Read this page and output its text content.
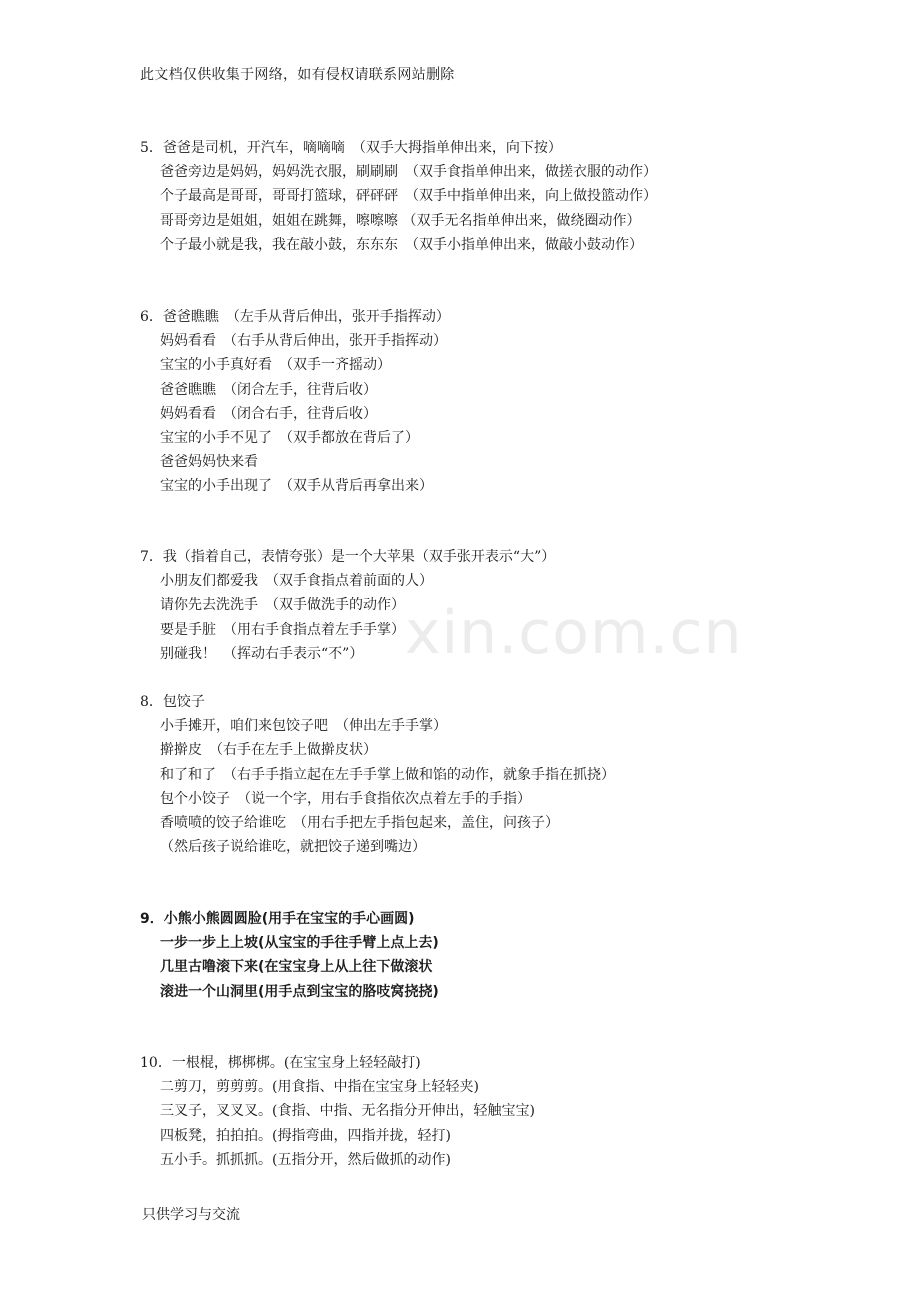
此文档仅供收集于网络，如有侵权请联系网站删除
xin.com.cn
5．爸爸是司机，开汽车，嘀嘀嘀　（双手大拇指单伸出来，向下按）
爸爸旁边是妈妈，妈妈洗衣服，刷刷刷　（双手食指单伸出来，做搓衣服的动作）
个子最高是哥哥，哥哥打篮球，砰砰砰　（双手中指单伸出来，向上做投篮动作）
哥哥旁边是姐姐，姐姐在跳舞，嚓嚓嚓 （双手无名指单伸出来，做绕圈动作）
个子最小就是我，我在敲小鼓，东东东　（双手小指单伸出来，做敲小鼓动作）
6．爸爸瞧瞧　（左手从背后伸出，张开手指挥动）
妈妈看看　（右手从背后伸出，张开手指挥动）
宝宝的小手真好看　（双手一齐摇动）
爸爸瞧瞧　（闭合左手，往背后收）
妈妈看看　（闭合右手，往背后收）
宝宝的小手不见了　（双手都放在背后了）
爸爸妈妈快来看
宝宝的小手出现了　（双手从背后再拿出来）
7．我（指着自己，表情夸张）是一个大苹果（双手张开表示“大”）
小朋友们都爱我　（双手食指点着前面的人）
请你先去洗洗手　（双手做洗手的动作）
要是手脏　（用右手食指点着左手手掌）
别碰我！　（挥动右手表示“不”）
8．包饺子
小手摊开，咱们来包饺子吧　（伸出左手手掌）
擀擀皮　（右手在左手上做擀皮状）
和了和了　（右手手指立起在左手手掌上做和馅的动作，就象手指在抓挠）
包个小饺子　（说一个字，用右手食指依次点着左手的手指）
香喷喷的饺子给谁吃　（用右手把左手指包起来，盖住，问孩子）
（然后孩子说给谁吃，就把饺子递到嘴边）
9．小熊小熊圆圆脸(用手在宝宝的手心画圆)
一步一步上上坡(从宝宝的手往手臂上点上去)
几里古噜滚下来(在宝宝身上从上往下做滚状
滚进一个山洞里(用手点到宝宝的胳吱窝挠挠)
10．一根棍，梆梆梆。(在宝宝身上轻轻敲打)
二剪刀，剪剪剪。(用食指、中指在宝宝身上轻轻夹)
三叉子，叉叉叉。(食指、中指、无名指分开伸出，轻触宝宝)
四板凳，拍拍拍。(拇指弯曲，四指并拢，轻打)
五小手。抓抓抓。(五指分开，然后做抓的动作)
只供学习与交流
